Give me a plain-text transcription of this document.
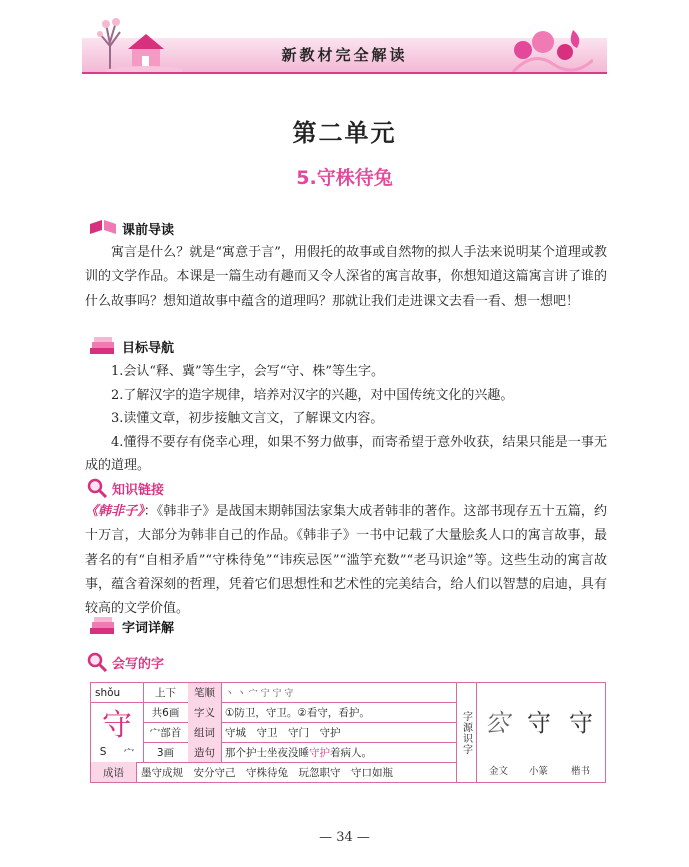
新教材完全解读
第二单元
5.守株待兔
课前导读
寓言是什么？就是“寓意于言”，用假托的故事或自然物的拟人手法来说明某个道理或教训的文学作品。本课是一篇生动有趣而又令人深省的寓言故事，你想知道这篇寓言讲了谁的什么故事吗？想知道故事中蕴含的道理吗？那就让我们走进课文去看一看、想一想吧！
目标导航
1.会认“释、冀”等生字，会写“守、株”等生字。
2.了解汉字的造字规律，培养对汉字的兴趣，对中国传统文化的兴趣。
3.读懂文章，初步接触文言文，了解课文内容。
4.懂得不要存有侥幸心理，如果不努力做事，而寄希望于意外收获，结果只能是一事无成的道理。
知识链接
《韩非子》：《韩非子》是战国末期韩国法家集大成者韩非的著作。这部书现存五十五篇，约十万言，大部分为韩非自己的作品。《韩非子》一书中记载了大量脍炙人口的寓言故事，最著名的有“自相矛盾”“守株待兔”“讳疾忌医”“滥竽充数”“老马识途”等。这些生动的寓言故事，蕴含着深刻的哲理，凭着它们思想性和艺术性的完美结合，给人们以智慧的启迪，具有较高的文学价值。
字词详解
会写的字
shǒu	上下	笔顺	丶 丶 宀 宁 宁 守
守
S 宀
共6画	字义 ①防卫，守卫。②看守，看护。
宀部首	组词 守城　守卫　守门　守护
3画	造句 那个护士坐夜没睡 守护 着病人。
成语	墨守成规　安分守己　守株待兔　玩忽职守　守口如瓶
字源识字 㝐 守 守
金文 小篆 楷书
— 34 —
